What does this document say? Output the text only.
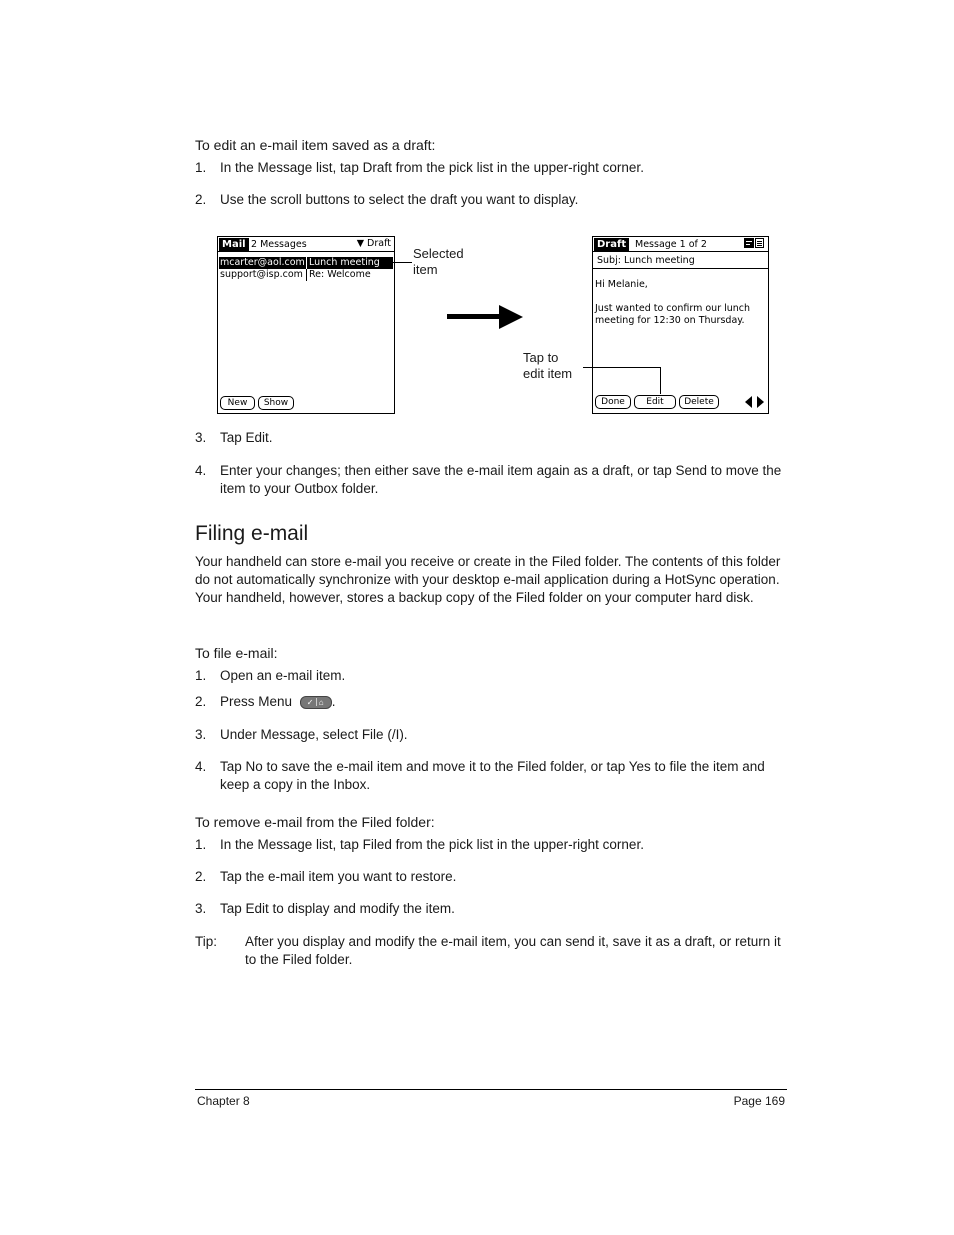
To edit an e-mail item saved as a draft:
1.	In the Message list, tap Draft from the pick list in the upper-right corner.
2.	Use the scroll buttons to select the draft you want to display.
Mail 2 Messages	▼ Draft
mcarter@aol.com Lunch meeting
support@isp.com Re: Welcome
New	Show
Selected
item
Draft Message 1 of 2
Subj: Lunch meeting
Hi Melanie,
Just wanted to confirm our lunch
meeting for 12:30 on Thursday.
Done	Edit	Delete
Tap to
edit item
3.	Tap Edit.
4.	Enter your changes; then either save the e-mail item again as a draft, or tap Send to move the item to your Outbox folder.
Filing e-mail
Your handheld can store e-mail you receive or create in the Filed folder. The contents of this folder do not automatically synchronize with your desktop e-mail application during a HotSync operation. Your handheld, however, stores a backup copy of the Filed folder on your computer hard disk.
To file e-mail:
1.	Open an e-mail item.
2.	Press Menu ✓ ⌂ .
3.	Under Message, select File (/I).
4.	Tap No to save the e-mail item and move it to the Filed folder, or tap Yes to file the item and keep a copy in the Inbox.
To remove e-mail from the Filed folder:
1.	In the Message list, tap Filed from the pick list in the upper-right corner.
2.	Tap the e-mail item you want to restore.
3.	Tap Edit to display and modify the item.
Tip: After you display and modify the e-mail item, you can send it, save it as a draft, or return it to the Filed folder.
Chapter 8	Page 169
